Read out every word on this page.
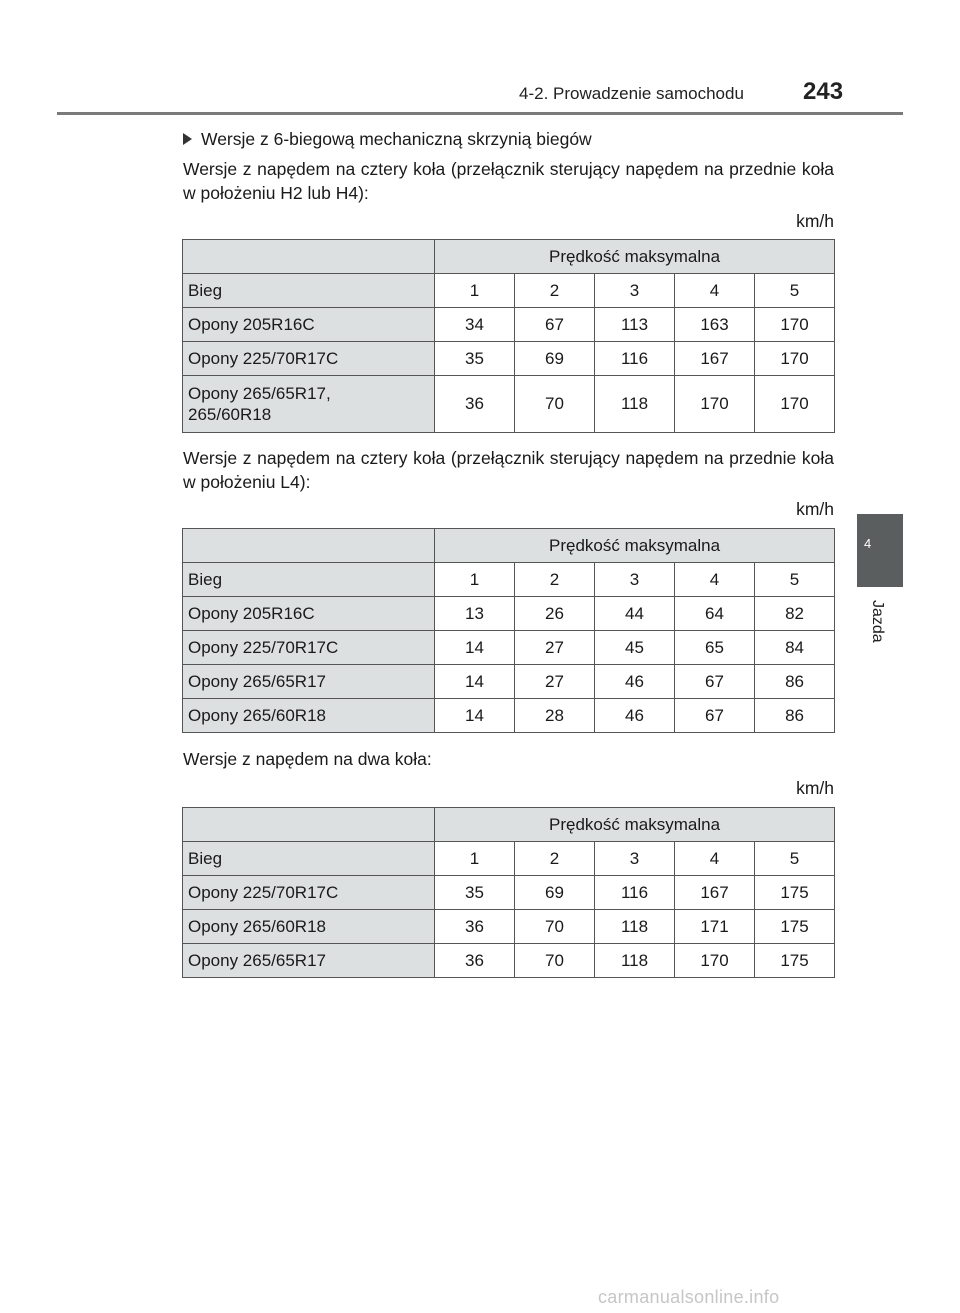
4-2. Prowadzenie samochodu 243
4
Jazda
Wersje z 6-biegową mechaniczną skrzynią biegów
Wersje z napędem na cztery koła (przełącznik sterujący napędem na przednie koła w położeniu H2 lub H4):
km/h
	Prędkość maksymalna				
Bieg	1	2	3	4	5
Opony 205R16C	34	67	113	163	170
Opony 225/70R17C	35	69	116	167	170
Opony 265/65R17,
265/60R18	36	70	118	170	170
Wersje z napędem na cztery koła (przełącznik sterujący napędem na przednie koła w położeniu L4):
km/h
	Prędkość maksymalna				
Bieg	1	2	3	4	5
Opony 205R16C	13	26	44	64	82
Opony 225/70R17C	14	27	45	65	84
Opony 265/65R17	14	27	46	67	86
Opony 265/60R18	14	28	46	67	86
Wersje z napędem na dwa koła:
km/h
	Prędkość maksymalna				
Bieg	1	2	3	4	5
Opony 225/70R17C	35	69	116	167	175
Opony 265/60R18	36	70	118	171	175
Opony 265/65R17	36	70	118	170	175
carmanualsonline.info
